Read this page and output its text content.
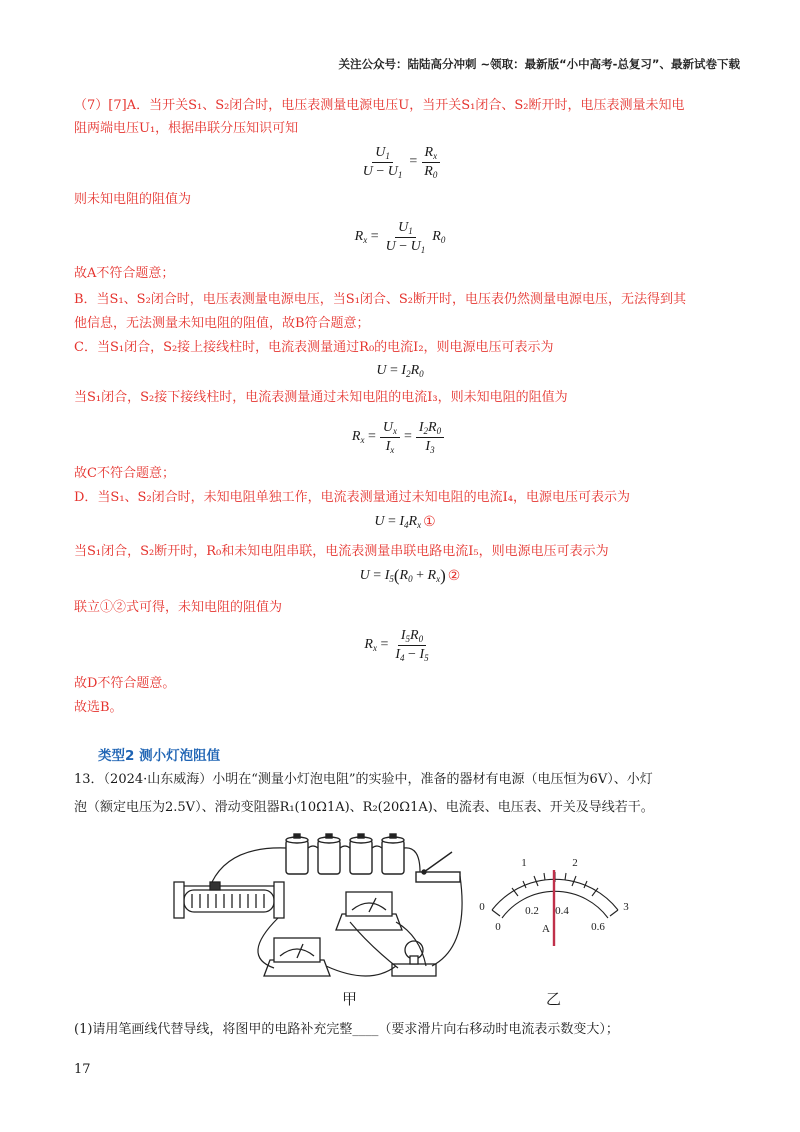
关注公众号：陆陆高分冲刺 ~领取：最新版“小中高考-总复习”、最新试卷下载
（7）[7]A．当开关S₁、S₂闭合时，电压表测量电源电压U，当开关S₁闭合、S₂断开时，电压表测量未知电
阻两端电压U₁，根据串联分压知识可知
$\frac{U_1}{U - U_1} = \frac{R_x}{R_0}$
则未知电阻的阻值为
$R_x = \frac{U_1}{U - U_1} R_0$
故A不符合题意；
B．当S₁、S₂闭合时，电压表测量电源电压，当S₁闭合、S₂断开时，电压表仍然测量电源电压，无法得到其
他信息，无法测量未知电阻的阻值，故B符合题意；
C．当S₁闭合，S₂接上接线柱时，电流表测量通过R₀的电流I₂，则电源电压可表示为
$U = I_2R_0$
当S₁闭合，S₂接下接线柱时，电流表测量通过未知电阻的电流I₃，则未知电阻的阻值为
$R_x = \frac{U_x}{I_x} = \frac{I_2R_0}{I_3}$
故C不符合题意；
D．当S₁、S₂闭合时，未知电阻单独工作，电流表测量通过未知电阻的电流I₄，电源电压可表示为
$U = I_4R_x$ ①
当S₁闭合，S₂断开时，R₀和未知电阻串联，电流表测量串联电路电流I₅，则电源电压可表示为
$U = I_5$ ( $R_0 + R_x$ ) ②
联立①②式可得，未知电阻的阻值为
$R_x = \frac{I_5R_0}{I_4 - I_5}$
故D不符合题意。
故选B。
类型2 测小灯泡阻值
13．（2024·山东威海）小明在“测量小灯泡电阻”的实验中，准备的器材有电源（电压恒为6V）、小灯
泡（额定电压为2.5V）、滑动变阻器R₁(10Ω1A)、R₂(20Ω1A)、电流表、电压表、开关及导线若干。
0
1	2
3
0
0.2 0.4
0.6
A
甲	乙
(1)请用笔画线代替导线，将图甲的电路补充完整____（要求滑片向右移动时电流表示数变大）；
17
